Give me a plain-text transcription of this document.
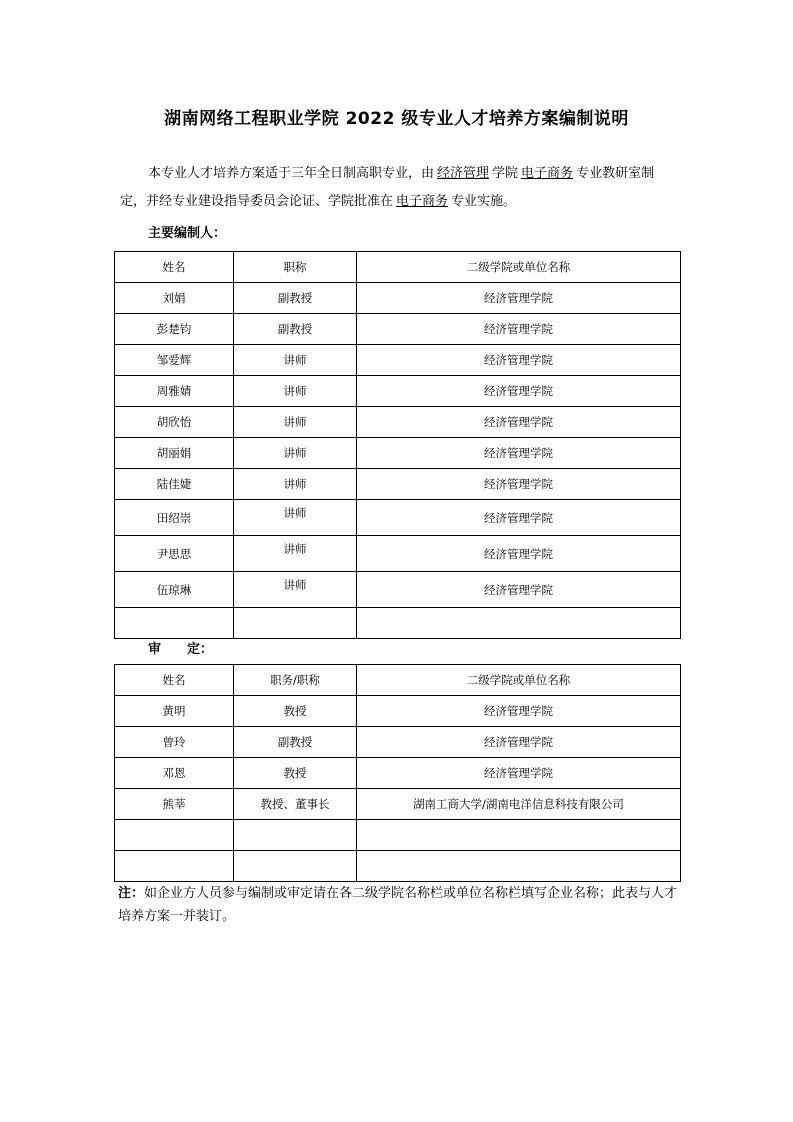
湖南网络工程职业学院 2022 级专业人才培养方案编制说明
本专业人才培养方案适于三年全日制高职专业，由 经济管理 学院 电子商务 专业教研室制定，并经专业建设指导委员会论证、学院批准在 电子商务 专业实施。
主要编制人：
姓名	职称	二级学院或单位名称
刘娟	副教授	经济管理学院
彭楚钧	副教授	经济管理学院
邹爱辉	讲师	经济管理学院
周雅婧	讲师	经济管理学院
胡欣怡	讲师	经济管理学院
胡丽娟	讲师	经济管理学院
陆佳婕	讲师	经济管理学院
田绍崇	讲师	经济管理学院
尹思思	讲师	经济管理学院
伍琼琳	讲师	经济管理学院

审　　定：
姓名	职务/职称	二级学院或单位名称
黄明	教授	经济管理学院
曾玲	副教授	经济管理学院
邓恩	教授	经济管理学院
熊莘	教授、董事长	湖南工商大学/湖南电洋信息科技有限公司

注：如企业方人员参与编制或审定请在各二级学院名称栏或单位名称栏填写企业名称；此表与人才培养方案一并装订。
